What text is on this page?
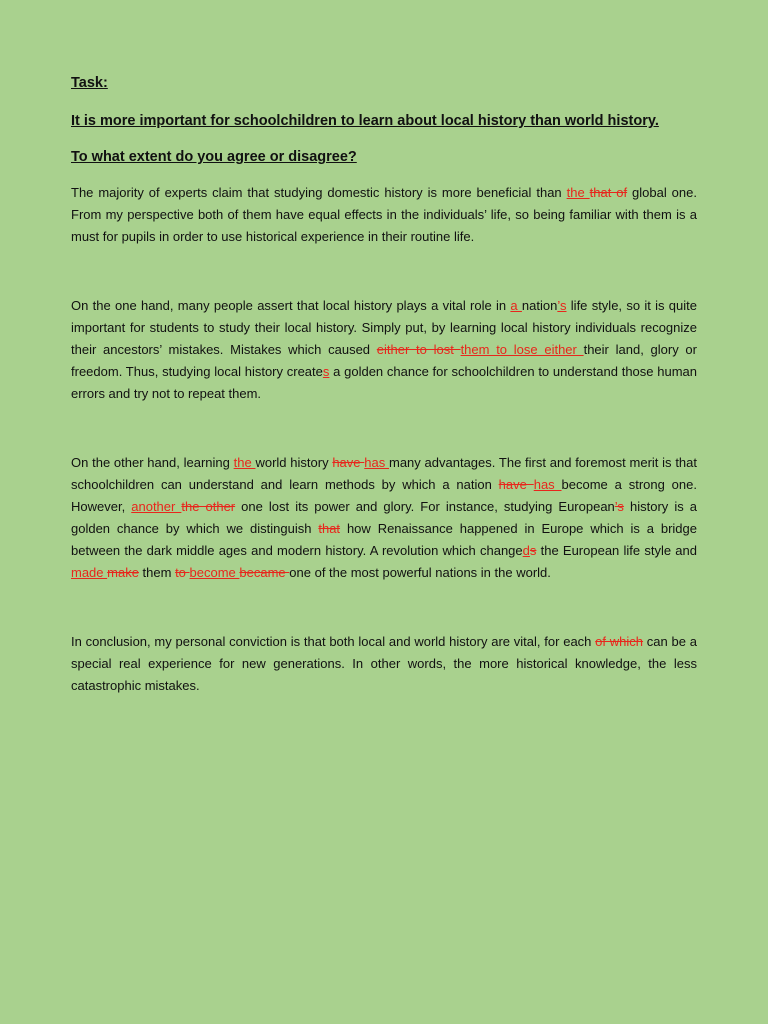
Task:
It is more important for schoolchildren to learn about local history than world history.
To what extent do you agree or disagree?

The majority of experts claim that studying domestic history is more beneficial than the that of global one. From my perspective both of them have equal effects in the individuals’ life, so being familiar with them is a must for pupils in order to use historical experience in their routine life.

On the one hand, many people assert that local history plays a vital role in a nation’s life style, so it is quite important for students to study their local history. Simply put, by learning local history individuals recognize their ancestors’ mistakes. Mistakes which caused either to lost them to lose either their land, glory or freedom. Thus, studying local history creates a golden chance for schoolchildren to understand those human errors and try not to repeat them.

On the other hand, learning the world history have has many advantages. The first and foremost merit is that schoolchildren can understand and learn methods by which a nation have has become a strong one. However, another the other one lost its power and glory. For instance, studying European’s history is a golden chance by which we distinguish that how Renaissance happened in Europe which is a bridge between the dark middle ages and modern history. A revolution which changeds the European life style and made make them to become became one of the most powerful nations in the world.

In conclusion, my personal conviction is that both local and world history are vital, for each of which can be a special real experience for new generations. In other words, the more historical knowledge, the less catastrophic mistakes.
